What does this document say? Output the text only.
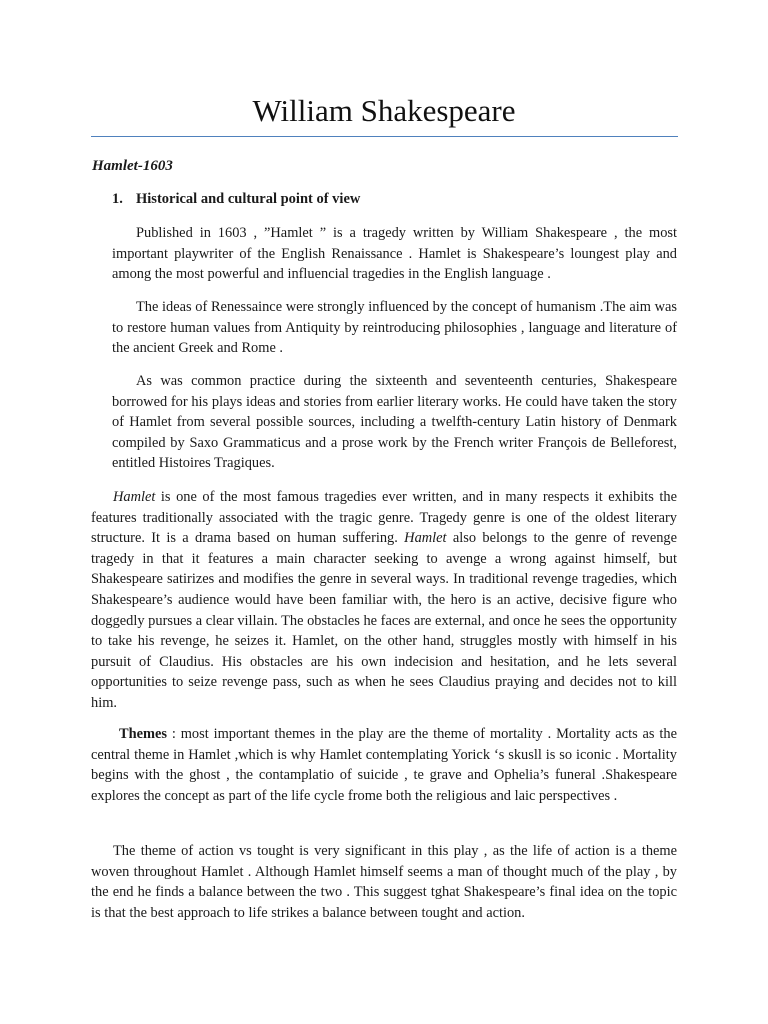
William Shakespeare
Hamlet-1603
1. Historical and cultural point of view

Published in 1603 , ”Hamlet ” is a tragedy written by William Shakespeare , the most important playwriter of the English Renaissance . Hamlet is Shakespeare’s loungest play and among the most powerful and influencial tragedies in the English language .

The ideas of Renessaince were strongly influenced by the concept of humanism .The aim was to restore human values from Antiquity by reintroducing philosophies , language and literature of the ancient Greek and Rome .

As was common practice during the sixteenth and seventeenth centuries, Shakespeare borrowed for his plays ideas and stories from earlier literary works. He could have taken the story of Hamlet from several possible sources, including a twelfth-century Latin history of Denmark compiled by Saxo Grammaticus and a prose work by the French writer François de Belleforest, entitled Histoires Tragiques.

Hamlet is one of the most famous tragedies ever written, and in many respects it exhibits the features traditionally associated with the tragic genre. Tragedy genre is one of the oldest literary structure. It is a drama based on human suffering. Hamlet also belongs to the genre of revenge tragedy in that it features a main character seeking to avenge a wrong against himself, but Shakespeare satirizes and modifies the genre in several ways. In traditional revenge tragedies, which Shakespeare’s audience would have been familiar with, the hero is an active, decisive figure who doggedly pursues a clear villain. The obstacles he faces are external, and once he sees the opportunity to take his revenge, he seizes it. Hamlet, on the other hand, struggles mostly with himself in his pursuit of Claudius. His obstacles are his own indecision and hesitation, and he lets several opportunities to seize revenge pass, such as when he sees Claudius praying and decides not to kill him.

Themes : most important themes in the play are the theme of mortality . Mortality acts as the central theme in Hamlet ,which is why Hamlet contemplating Yorick ‘s skusll is so iconic . Mortality begins with the ghost , the contamplatio of suicide , te grave and Ophelia’s funeral .Shakespeare explores the concept as part of the life cycle frome both the religious and laic perspectives .

The theme of action vs tought is very significant in this play , as the life of action is a theme woven throughout Hamlet . Although Hamlet himself seems a man of thought much of the play , by the end he finds a balance between the two . This suggest tghat Shakespeare’s final idea on the topic is that the best approach to life strikes a balance between tought and action.
